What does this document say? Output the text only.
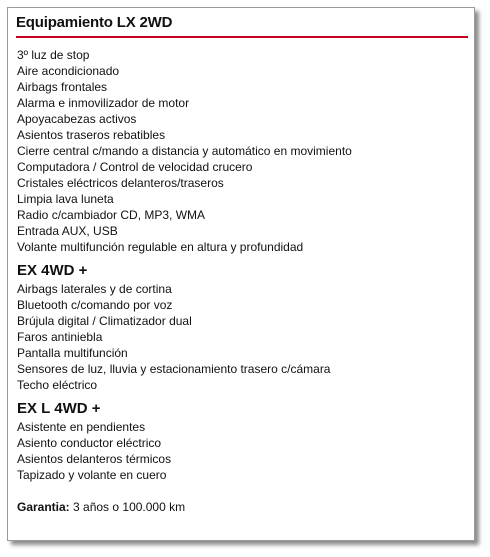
Equipamiento LX 2WD
3º luz de stop
Aire acondicionado
Airbags frontales
Alarma e inmovilizador de motor
Apoyacabezas activos
Asientos traseros rebatibles
Cierre central c/mando a distancia y automático en movimiento
Computadora / Control de velocidad crucero
Cristales eléctricos delanteros/traseros
Limpia lava luneta
Radio c/cambiador CD, MP3, WMA
Entrada AUX, USB
Volante multifunción regulable en altura y profundidad
EX 4WD +
Airbags laterales y de cortina
Bluetooth c/comando por voz
Brújula digital / Climatizador dual
Faros antiniebla
Pantalla multifunción
Sensores de luz, lluvia y estacionamiento trasero c/cámara
Techo eléctrico
EX L 4WD +
Asistente en pendientes
Asiento conductor eléctrico
Asientos delanteros térmicos
Tapizado y volante en cuero
Garantia: 3 años o 100.000 km
